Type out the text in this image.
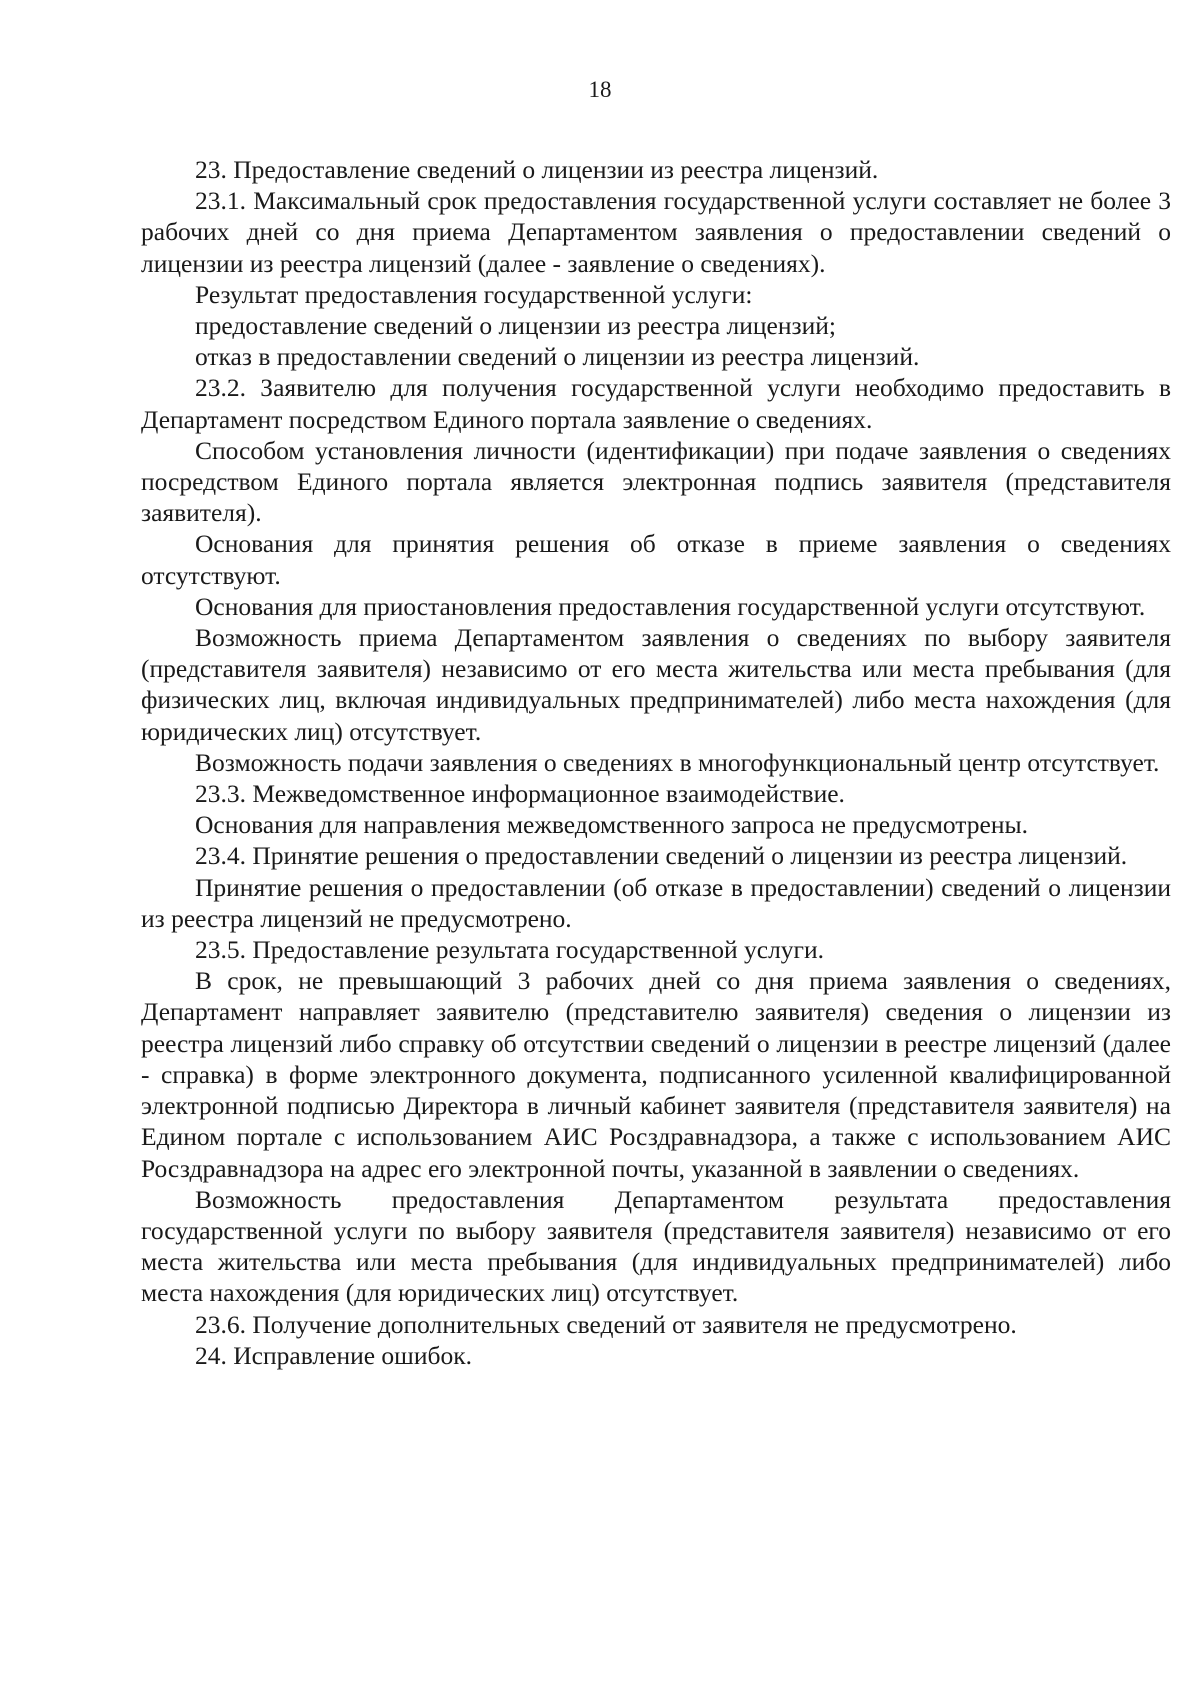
18

23. Предоставление сведений о лицензии из реестра лицензий.

23.1. Максимальный срок предоставления государственной услуги составляет не более 3 рабочих дней со дня приема Департаментом заявления о предоставлении сведений о лицензии из реестра лицензий (далее - заявление о сведениях).

Результат предоставления государственной услуги:

предоставление сведений о лицензии из реестра лицензий;

отказ в предоставлении сведений о лицензии из реестра лицензий.

23.2. Заявителю для получения государственной услуги необходимо предоставить в Департамент посредством Единого портала заявление о сведениях.

Способом установления личности (идентификации) при подаче заявления о сведениях посредством Единого портала является электронная подпись заявителя (представителя заявителя).

Основания для принятия решения об отказе в приеме заявления о сведениях отсутствуют.

Основания для приостановления предоставления государственной услуги отсутствуют.

Возможность приема Департаментом заявления о сведениях по выбору заявителя (представителя заявителя) независимо от его места жительства или места пребывания (для физических лиц, включая индивидуальных предпринимателей) либо места нахождения (для юридических лиц) отсутствует.

Возможность подачи заявления о сведениях в многофункциональный центр отсутствует.

23.3. Межведомственное информационное взаимодействие.

Основания для направления межведомственного запроса не предусмотрены.

23.4. Принятие решения о предоставлении сведений о лицензии из реестра лицензий.

Принятие решения о предоставлении (об отказе в предоставлении) сведений о лицензии из реестра лицензий не предусмотрено.

23.5. Предоставление результата государственной услуги.

В срок, не превышающий 3 рабочих дней со дня приема заявления о сведениях, Департамент направляет заявителю (представителю заявителя) сведения о лицензии из реестра лицензий либо справку об отсутствии сведений о лицензии в реестре лицензий (далее - справка) в форме электронного документа, подписанного усиленной квалифицированной электронной подписью Директора в личный кабинет заявителя (представителя заявителя) на Едином портале с использованием АИС Росздравнадзора, а также с использованием АИС Росздравнадзора на адрес его электронной почты, указанной в заявлении о сведениях.

Возможность предоставления Департаментом результата предоставления государственной услуги по выбору заявителя (представителя заявителя) независимо от его места жительства или места пребывания (для индивидуальных предпринимателей) либо места нахождения (для юридических лиц) отсутствует.

23.6. Получение дополнительных сведений от заявителя не предусмотрено.

24. Исправление ошибок.
